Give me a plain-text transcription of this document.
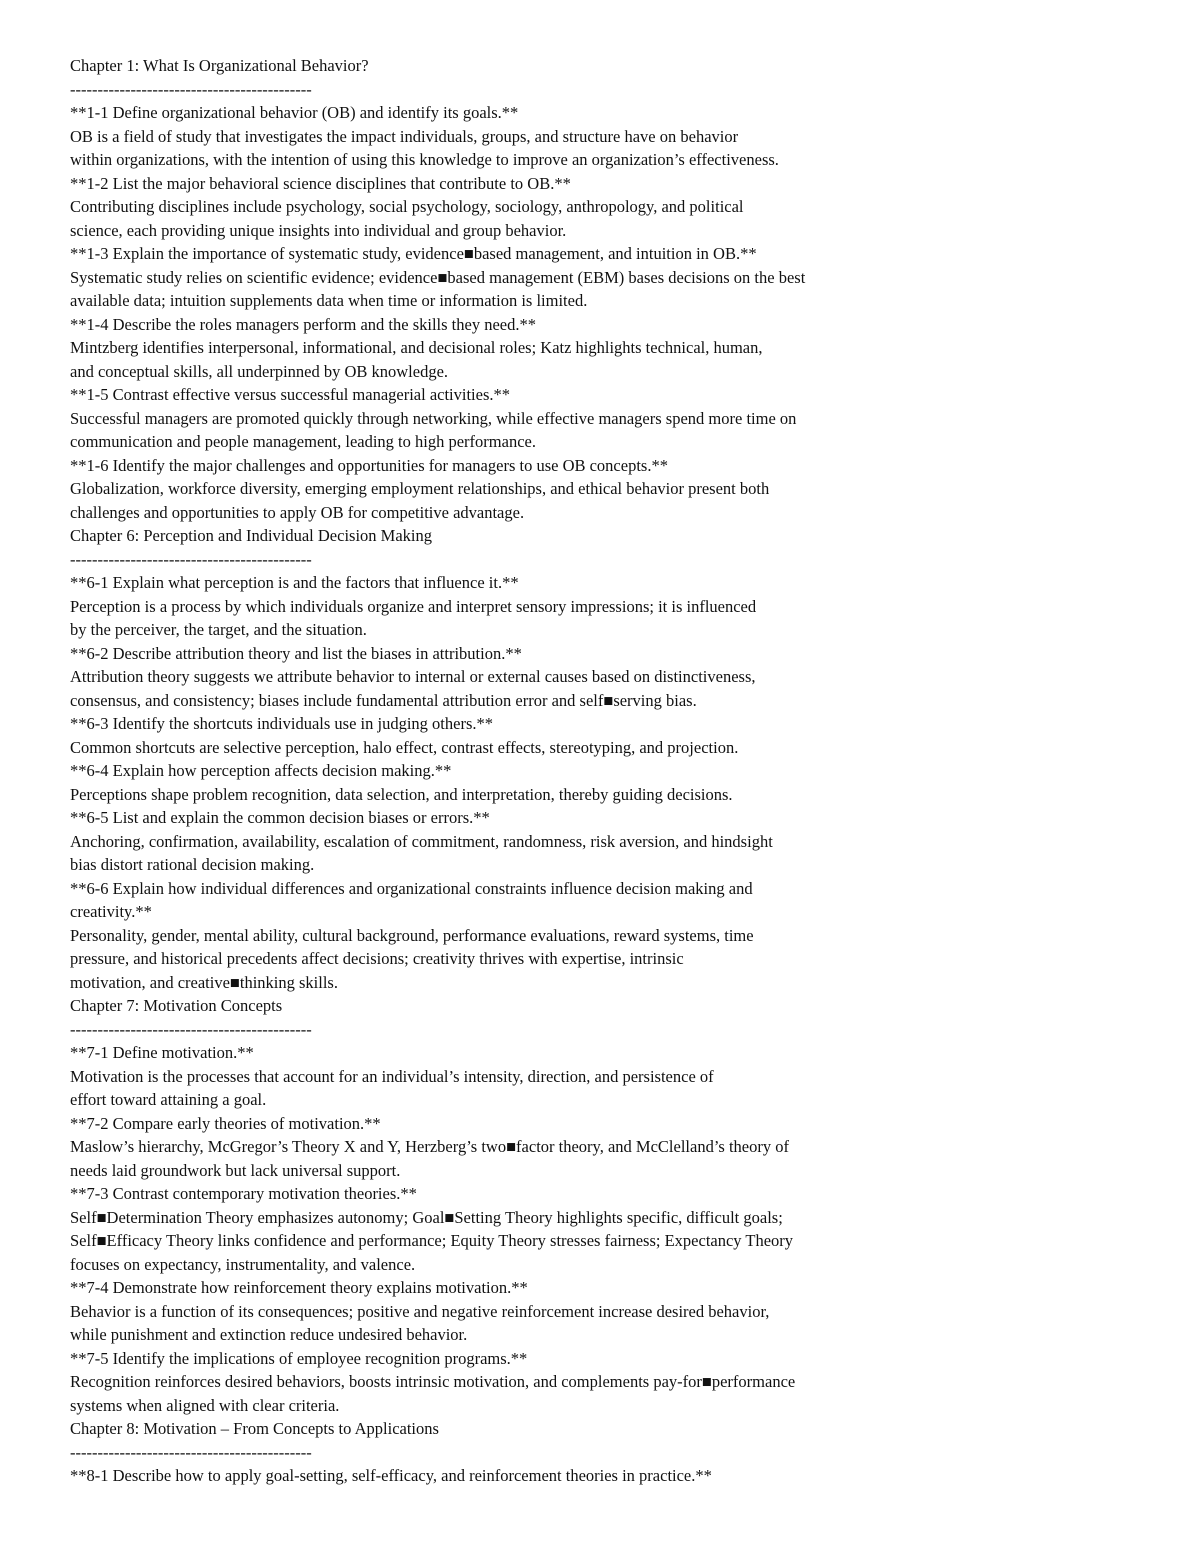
Chapter 1: What Is Organizational Behavior?
--------------------------------------------
**1-1 Define organizational behavior (OB) and identify its goals.**
OB is a field of study that investigates the impact individuals, groups, and structure have on behavior
within organizations, with the intention of using this knowledge to improve an organization’s effectiveness.
**1-2 List the major behavioral science disciplines that contribute to OB.**
Contributing disciplines include psychology, social psychology, sociology, anthropology, and political
science, each providing unique insights into individual and group behavior.
**1-3 Explain the importance of systematic study, evidence■based management, and intuition in OB.**
Systematic study relies on scientific evidence; evidence■based management (EBM) bases decisions on the best
available data; intuition supplements data when time or information is limited.
**1-4 Describe the roles managers perform and the skills they need.**
Mintzberg identifies interpersonal, informational, and decisional roles; Katz highlights technical, human,
and conceptual skills, all underpinned by OB knowledge.
**1-5 Contrast effective versus successful managerial activities.**
Successful managers are promoted quickly through networking, while effective managers spend more time on
communication and people management, leading to high performance.
**1-6 Identify the major challenges and opportunities for managers to use OB concepts.**
Globalization, workforce diversity, emerging employment relationships, and ethical behavior present both
challenges and opportunities to apply OB for competitive advantage.
Chapter 6: Perception and Individual Decision Making
--------------------------------------------
**6-1 Explain what perception is and the factors that influence it.**
Perception is a process by which individuals organize and interpret sensory impressions; it is influenced
by the perceiver, the target, and the situation.
**6-2 Describe attribution theory and list the biases in attribution.**
Attribution theory suggests we attribute behavior to internal or external causes based on distinctiveness,
consensus, and consistency; biases include fundamental attribution error and self■serving bias.
**6-3 Identify the shortcuts individuals use in judging others.**
Common shortcuts are selective perception, halo effect, contrast effects, stereotyping, and projection.
**6-4 Explain how perception affects decision making.**
Perceptions shape problem recognition, data selection, and interpretation, thereby guiding decisions.
**6-5 List and explain the common decision biases or errors.**
Anchoring, confirmation, availability, escalation of commitment, randomness, risk aversion, and hindsight
bias distort rational decision making.
**6-6 Explain how individual differences and organizational constraints influence decision making and
creativity.**
Personality, gender, mental ability, cultural background, performance evaluations, reward systems, time
pressure, and historical precedents affect decisions; creativity thrives with expertise, intrinsic
motivation, and creative■thinking skills.
Chapter 7: Motivation Concepts
--------------------------------------------
**7-1 Define motivation.**
Motivation is the processes that account for an individual’s intensity, direction, and persistence of
effort toward attaining a goal.
**7-2 Compare early theories of motivation.**
Maslow’s hierarchy, McGregor’s Theory X and Y, Herzberg’s two■factor theory, and McClelland’s theory of
needs laid groundwork but lack universal support.
**7-3 Contrast contemporary motivation theories.**
Self■Determination Theory emphasizes autonomy; Goal■Setting Theory highlights specific, difficult goals;
Self■Efficacy Theory links confidence and performance; Equity Theory stresses fairness; Expectancy Theory
focuses on expectancy, instrumentality, and valence.
**7-4 Demonstrate how reinforcement theory explains motivation.**
Behavior is a function of its consequences; positive and negative reinforcement increase desired behavior,
while punishment and extinction reduce undesired behavior.
**7-5 Identify the implications of employee recognition programs.**
Recognition reinforces desired behaviors, boosts intrinsic motivation, and complements pay-for■performance
systems when aligned with clear criteria.
Chapter 8: Motivation – From Concepts to Applications
--------------------------------------------
**8-1 Describe how to apply goal-setting, self-efficacy, and reinforcement theories in practice.**
